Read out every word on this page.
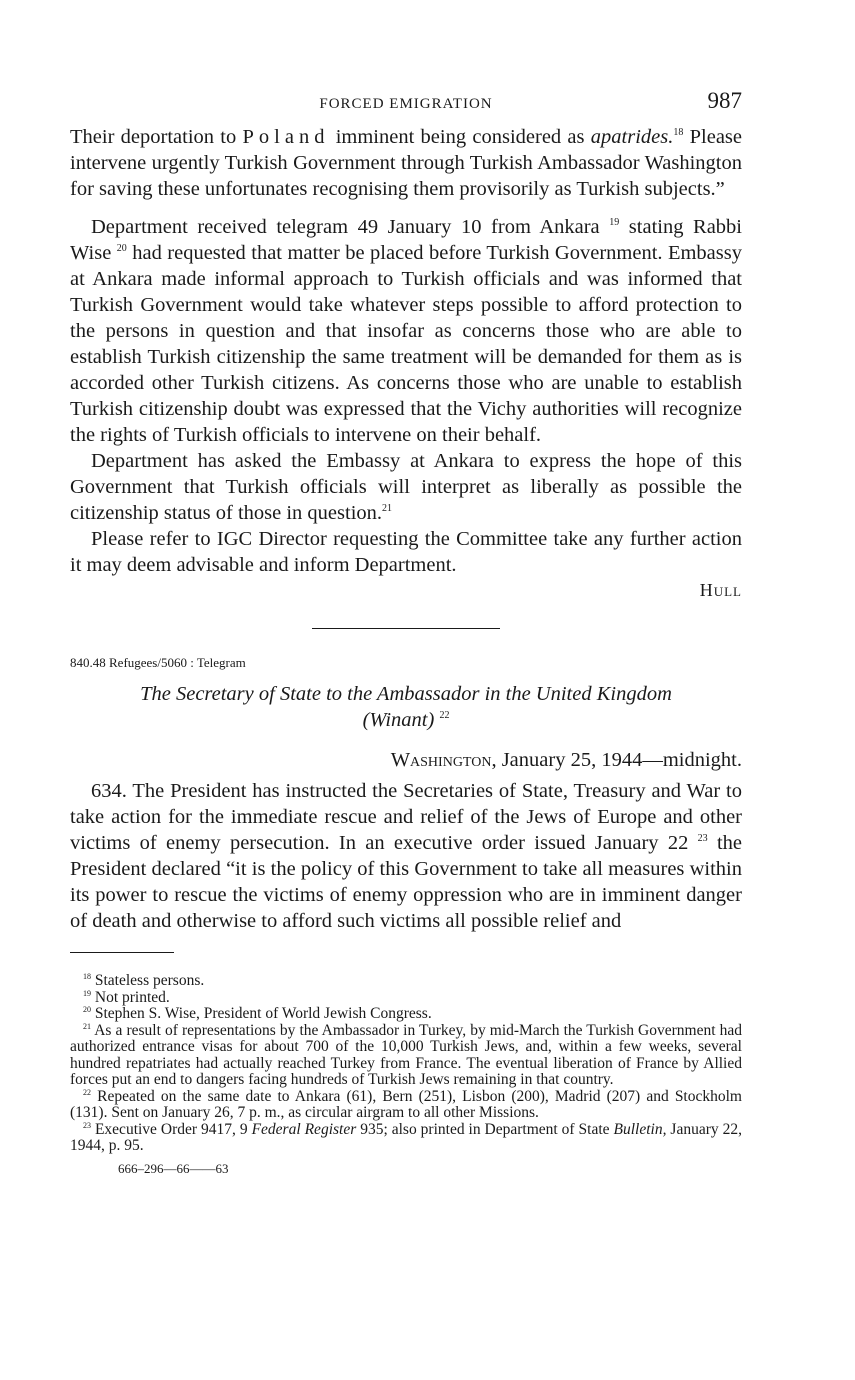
FORCED EMIGRATION	987

Their deportation to Poland imminent being considered as apatrides.$^{18}$ Please intervene urgently Turkish Government through Turkish Ambassador Washington for saving these unfortunates recognising them provisorily as Turkish subjects.”

Department received telegram 49 January 10 from Ankara $^{19}$ stating Rabbi Wise $^{20}$ had requested that matter be placed before Turkish Government. Embassy at Ankara made informal approach to Turkish officials and was informed that Turkish Government would take whatever steps possible to afford protection to the persons in question and that insofar as concerns those who are able to establish Turkish citizenship the same treatment will be demanded for them as is accorded other Turkish citizens. As concerns those who are unable to establish Turkish citizenship doubt was expressed that the Vichy authorities will recognize the rights of Turkish officials to intervene on their behalf.

Department has asked the Embassy at Ankara to express the hope of this Government that Turkish officials will interpret as liberally as possible the citizenship status of those in question.$^{21}$

Please refer to IGC Director requesting the Committee take any further action it may deem advisable and inform Department.

Hull
840.48 Refugees/5060 : Telegram
The Secretary of State to the Ambassador in the United Kingdom
(Winant) $^{22}$
Washington, January 25, 1944—midnight.

634. The President has instructed the Secretaries of State, Treasury and War to take action for the immediate rescue and relief of the Jews of Europe and other victims of enemy persecution. In an executive order issued January 22 $^{23}$ the President declared “it is the policy of this Government to take all measures within its power to rescue the victims of enemy oppression who are in imminent danger of death and otherwise to afford such victims all possible relief and

$^{18}$ Stateless persons.

$^{19}$ Not printed.

$^{20}$ Stephen S. Wise, President of World Jewish Congress.

$^{21}$ As a result of representations by the Ambassador in Turkey, by mid-March the Turkish Government had authorized entrance visas for about 700 of the 10,000 Turkish Jews, and, within a few weeks, several hundred repatriates had actually reached Turkey from France. The eventual liberation of France by Allied forces put an end to dangers facing hundreds of Turkish Jews remaining in that country.

$^{22}$ Repeated on the same date to Ankara (61), Bern (251), Lisbon (200), Madrid (207) and Stockholm (131). Sent on January 26, 7 p. m., as circular airgram to all other Missions.

$^{23}$ Executive Order 9417, 9 Federal Register 935; also printed in Department of State Bulletin, January 22, 1944, p. 95.

666–296—66——63
